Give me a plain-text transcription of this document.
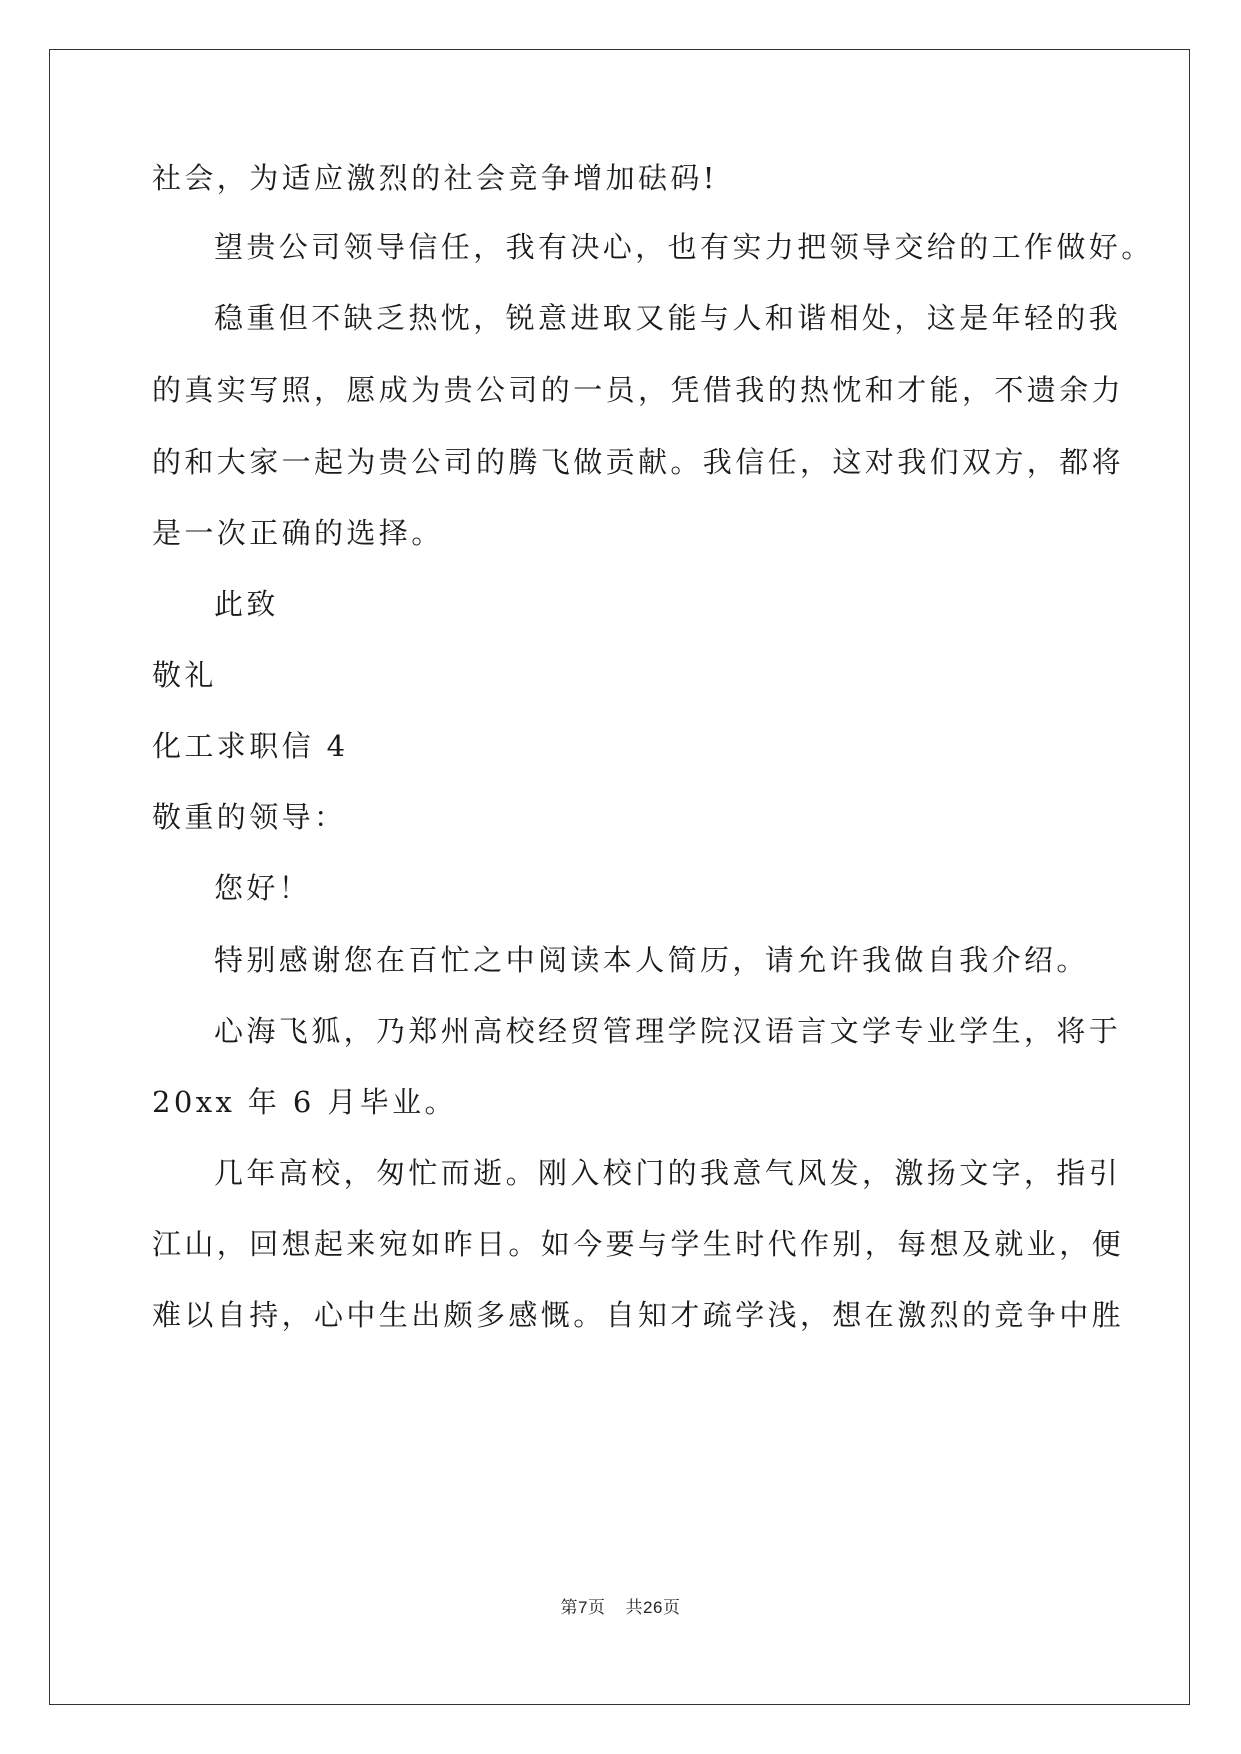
社会，为适应激烈的社会竞争增加砝码!
望贵公司领导信任，我有决心，也有实力把领导交给的工作做好。
稳重但不缺乏热忱，锐意进取又能与人和谐相处，这是年轻的我
的真实写照，愿成为贵公司的一员，凭借我的热忱和才能，不遗余力
的和大家一起为贵公司的腾飞做贡献。我信任，这对我们双方，都将
是一次正确的选择。
此致
敬礼
化工求职信 4
敬重的领导：
您好！
特别感谢您在百忙之中阅读本人简历，请允许我做自我介绍。
心海飞狐，乃郑州高校经贸管理学院汉语言文学专业学生，将于
20xx 年 6 月毕业。
几年高校，匆忙而逝。刚入校门的我意气风发，激扬文字，指引
江山，回想起来宛如昨日。如今要与学生时代作别，每想及就业，便
难以自持，心中生出颇多感慨。自知才疏学浅，想在激烈的竞争中胜
第7页 共26页
